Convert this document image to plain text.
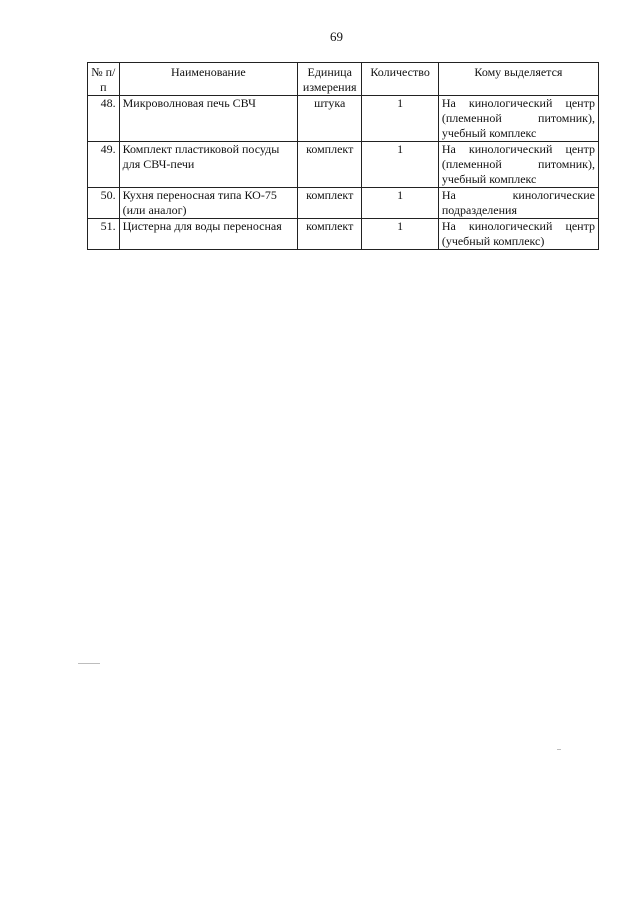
69
№ п/п	Наименование	Единица измерения	Количество	Кому выделяется
48.	Микроволновая печь СВЧ	штука	1	На кинологический центр
(племенной питомник),
учебный комплекс

49.	Комплект пластиковой посуды для СВЧ-печи	комплект	1	На кинологический центр
(племенной питомник),
учебный комплекс

50.	Кухня переносная типа КО-75 (или аналог)	комплект	1	На кинологические
подразделения

51.	Цистерна для воды переносная	комплект	1	На кинологический центр
(учебный комплекс)
